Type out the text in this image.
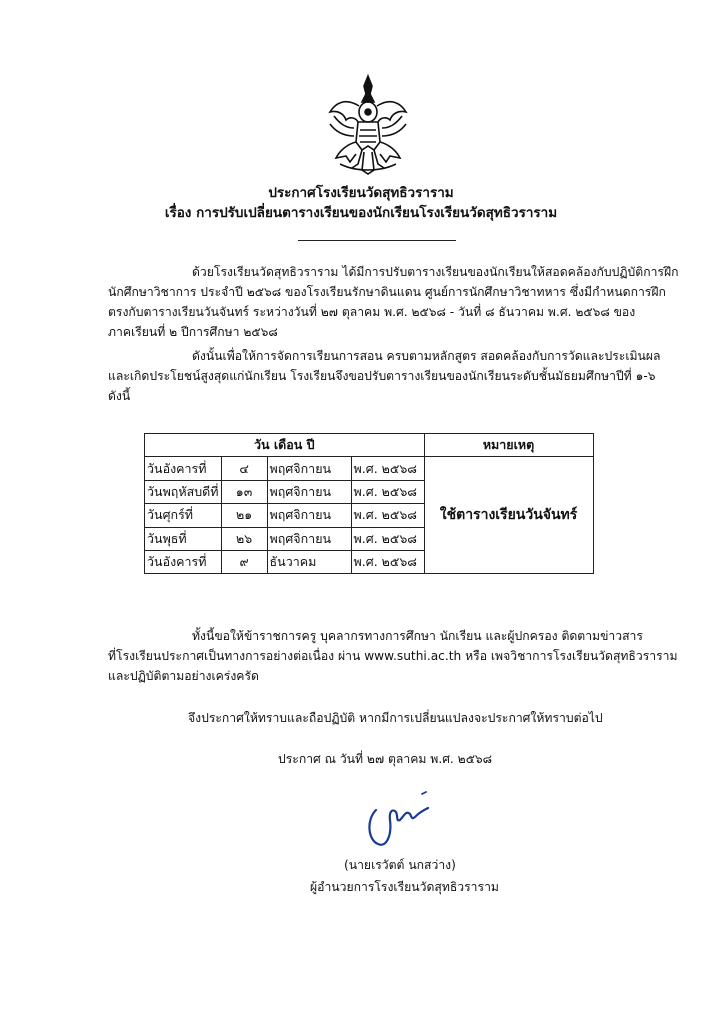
ประกาศโรงเรียนวัดสุทธิวราราม
เรื่อง การปรับเปลี่ยนตารางเรียนของนักเรียนโรงเรียนวัดสุทธิวราราม
ด้วยโรงเรียนวัดสุทธิวราราม ได้มีการปรับตารางเรียนของนักเรียนให้สอดคล้องกับปฏิบัติการฝึก
นักศึกษาวิชาการ ประจำปี ๒๕๖๘ ของโรงเรียนรักษาดินแดน ศูนย์การนักศึกษาวิชาทหาร ซึ่งมีกำหนดการฝึก
ตรงกับตารางเรียนวันจันทร์ ระหว่างวันที่ ๒๗ ตุลาคม พ.ศ. ๒๕๖๘ - วันที่ ๘ ธันวาคม พ.ศ. ๒๕๖๘ ของ
ภาคเรียนที่ ๒ ปีการศึกษา ๒๕๖๘
ดังนั้นเพื่อให้การจัดการเรียนการสอน ครบตามหลักสูตร สอดคล้องกับการวัดและประเมินผล
และเกิดประโยชน์สูงสุดแก่นักเรียน โรงเรียนจึงขอปรับตารางเรียนของนักเรียนระดับชั้นมัธยมศึกษาปีที่ ๑-๖
ดังนี้
วัน เดือน ปี				หมายเหตุ
วันอังคารที่	๔	พฤศจิกายน	พ.ศ. ๒๕๖๘	ใช้ตารางเรียนวันจันทร์
วันพฤหัสบดีที่	๑๓	พฤศจิกายน	พ.ศ. ๒๕๖๘	
วันศุกร์ที่	๒๑	พฤศจิกายน	พ.ศ. ๒๕๖๘	
วันพุธที่	๒๖	พฤศจิกายน	พ.ศ. ๒๕๖๘	
วันอังคารที่	๙	ธันวาคม	พ.ศ. ๒๕๖๘	
ทั้งนี้ขอให้ข้าราชการครู บุคลากรทางการศึกษา นักเรียน และผู้ปกครอง ติดตามข่าวสาร
ที่โรงเรียนประกาศเป็นทางการอย่างต่อเนื่อง ผ่าน www.suthi.ac.th หรือ เพจวิชาการโรงเรียนวัดสุทธิวราราม
และปฏิบัติตามอย่างเคร่งครัด
จึงประกาศให้ทราบและถือปฏิบัติ หากมีการเปลี่ยนแปลงจะประกาศให้ทราบต่อไป
ประกาศ ณ วันที่ ๒๗ ตุลาคม พ.ศ. ๒๕๖๘
(นายเรวัตต์ นกสว่าง)
ผู้อำนวยการโรงเรียนวัดสุทธิวราราม
